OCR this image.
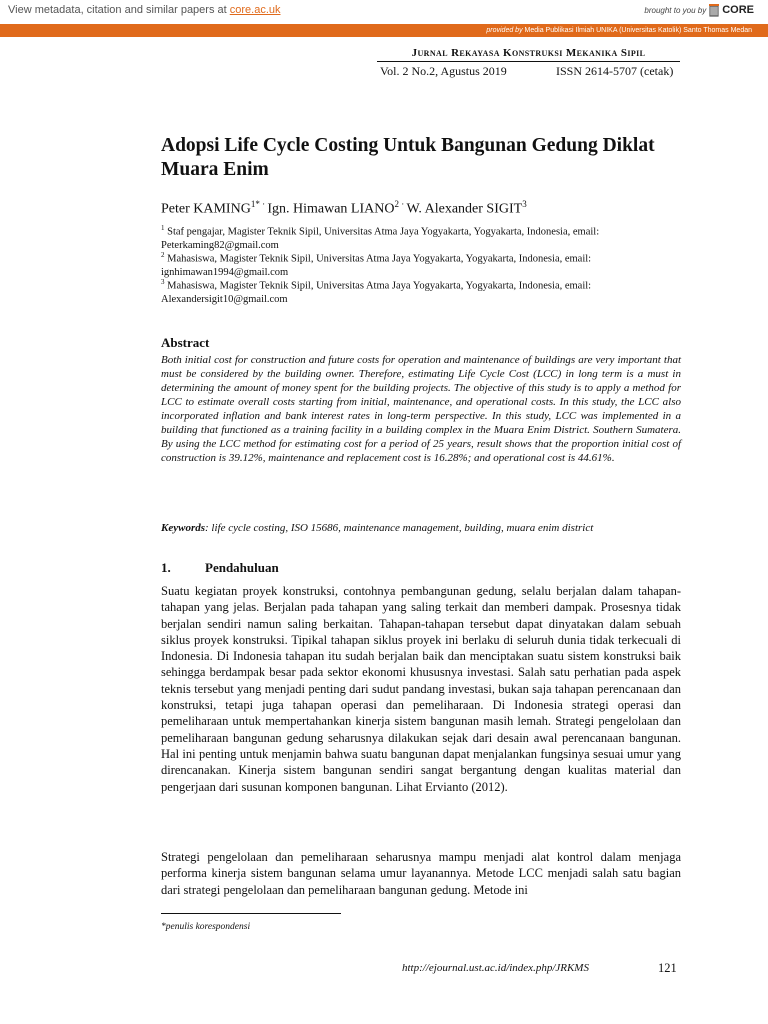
View metadata, citation and similar papers at core.ac.uk	brought to you by CORE
provided by Media Publikasi Ilmiah UNIKA (Universitas Katolik) Santo Thomas Medan
Jurnal Rekayasa Konstruksi Mekanika Sipil
Vol. 2 No.2, Agustus 2019	ISSN 2614-5707 (cetak)
Adopsi Life Cycle Costing Untuk Bangunan Gedung Diklat Muara Enim
Peter $KAMING^{1*}$ · Ign. Himawan LIANO$^2$ · W. Alexander SIGIT$^3$
$^1$ Staf pengajar, Magister Teknik Sipil, Universitas Atma Jaya Yogyakarta, Yogyakarta, Indonesia, email: Peterkaming82@gmail.com
$^2$ Mahasiswa, Magister Teknik Sipil, Universitas Atma Jaya Yogyakarta, Yogyakarta, Indonesia, email: ignhimawan1994@gmail.com
$^3$ Mahasiswa, Magister Teknik Sipil, Universitas Atma Jaya Yogyakarta, Yogyakarta, Indonesia, email: Alexandersigit10@gmail.com
Abstract
Both initial cost for construction and future costs for operation and maintenance of buildings are very important that must be considered by the building owner. Therefore, estimating Life Cycle Cost (LCC) in long term is a must in determining the amount of money spent for the building projects. The objective of this study is to apply a method for LCC to estimate overall costs starting from initial, maintenance, and operational costs. In this study, the LCC also incorporated inflation and bank interest rates in long-term perspective. In this study, LCC was implemented in a building that functioned as a training facility in a building complex in the Muara Enim District. Southern Sumatera. By using the LCC method for estimating cost for a period of 25 years, result shows that the proportion initial cost of construction is 39.12%, maintenance and replacement cost is 16.28%; and operational cost is 44.61%.
Keywords: life cycle costing, ISO 15686, maintenance management, building, muara enim district
1.	Pendahuluan
Suatu kegiatan proyek konstruksi, contohnya pembangunan gedung, selalu berjalan dalam tahapan-tahapan yang jelas. Berjalan pada tahapan yang saling terkait dan memberi dampak. Prosesnya tidak berjalan sendiri namun saling berkaitan. Tahapan-tahapan tersebut dapat dinyatakan dalam sebuah siklus proyek konstruksi. Tipikal tahapan siklus proyek ini berlaku di seluruh dunia tidak terkecuali di Indonesia. Di Indonesia tahapan itu sudah berjalan baik dan menciptakan suatu sistem konstruksi baik sehingga berdampak besar pada sektor ekonomi khususnya investasi. Salah satu perhatian pada aspek teknis tersebut yang menjadi penting dari sudut pandang investasi, bukan saja tahapan perencanaan dan konstruksi, tetapi juga tahapan operasi dan pemeliharaan. Di Indonesia strategi operasi dan pemeliharaan untuk mempertahankan kinerja sistem bangunan masih lemah. Strategi pengelolaan dan pemeliharaan bangunan gedung seharusnya dilakukan sejak dari desain awal perencanaan bangunan. Hal ini penting untuk menjamin bahwa suatu bangunan dapat menjalankan fungsinya sesuai umur yang direncanakan. Kinerja sistem bangunan sendiri sangat bergantung dengan kualitas material dan pengerjaan dari susunan komponen bangunan. Lihat Ervianto (2012).
Strategi pengelolaan dan pemeliharaan seharusnya mampu menjadi alat kontrol dalam menjaga performa kinerja sistem bangunan selama umur layanannya. Metode LCC menjadi salah satu bagian dari strategi pengelolaan dan pemeliharaan bangunan gedung. Metode ini
*penulis korespondensi
http://ejournal.ust.ac.id/index.php/JRKMS	121
